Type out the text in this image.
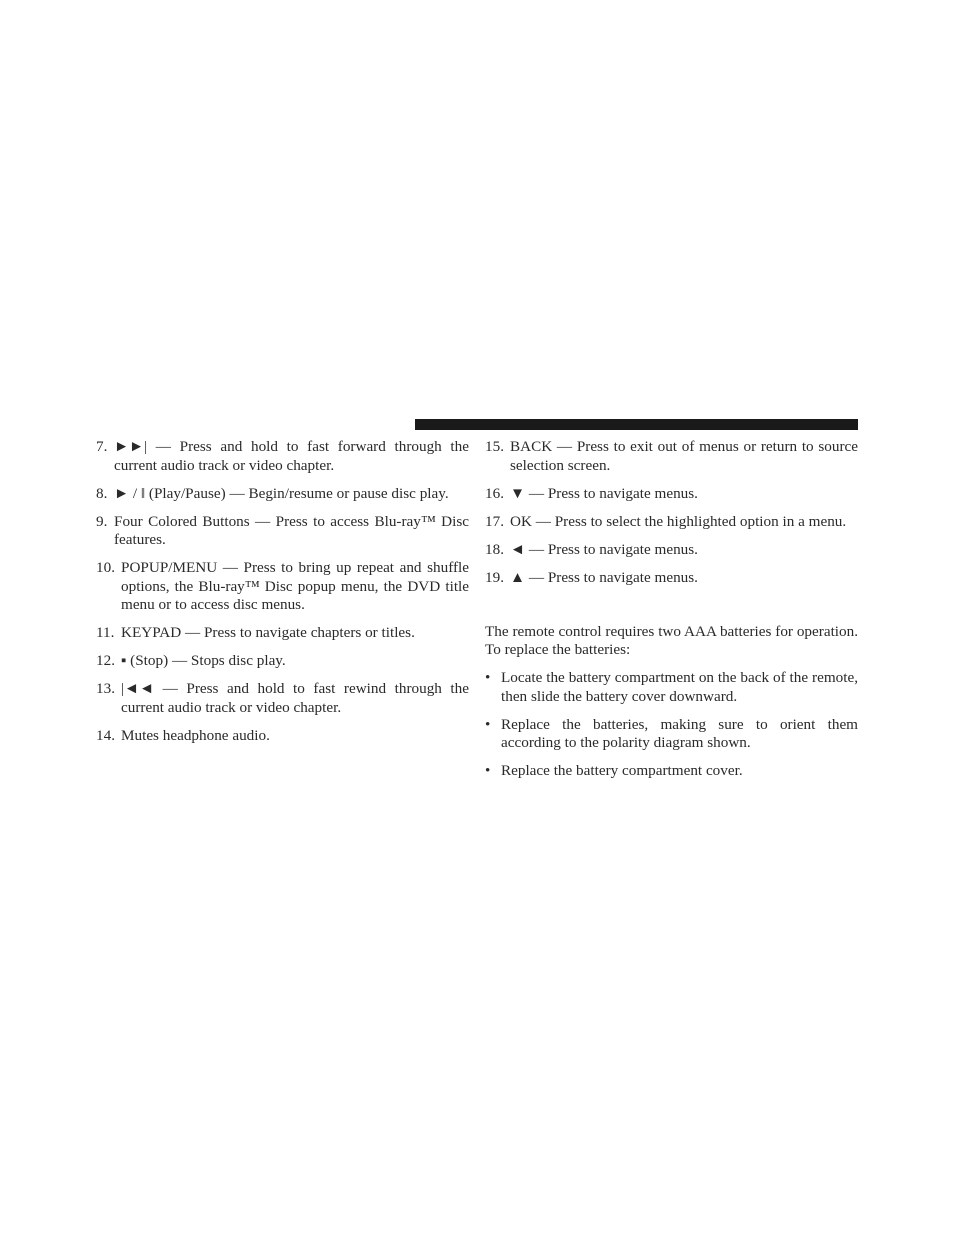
7. ►►| — Press and hold to fast forward through the current audio track or video chapter.
8. ► / ‖ (Play/Pause) — Begin/resume or pause disc play.
9. Four Colored Buttons — Press to access Blu-ray™ Disc features.
10. POPUP/MENU — Press to bring up repeat and shuffle options, the Blu-ray™ Disc popup menu, the DVD title menu or to access disc menus.
11. KEYPAD — Press to navigate chapters or titles.
12. ▪ (Stop) — Stops disc play.
13. |◄◄ — Press and hold to fast rewind through the current audio track or video chapter.
14. Mutes headphone audio.
15. BACK — Press to exit out of menus or return to source selection screen.
16. ▼ — Press to navigate menus.
17. OK — Press to select the highlighted option in a menu.
18. ◄ — Press to navigate menus.
19. ▲ — Press to navigate menus.

The remote control requires two AAA batteries for operation. To replace the batteries:

• Locate the battery compartment on the back of the remote, then slide the battery cover downward.
• Replace the batteries, making sure to orient them according to the polarity diagram shown.
• Replace the battery compartment cover.
